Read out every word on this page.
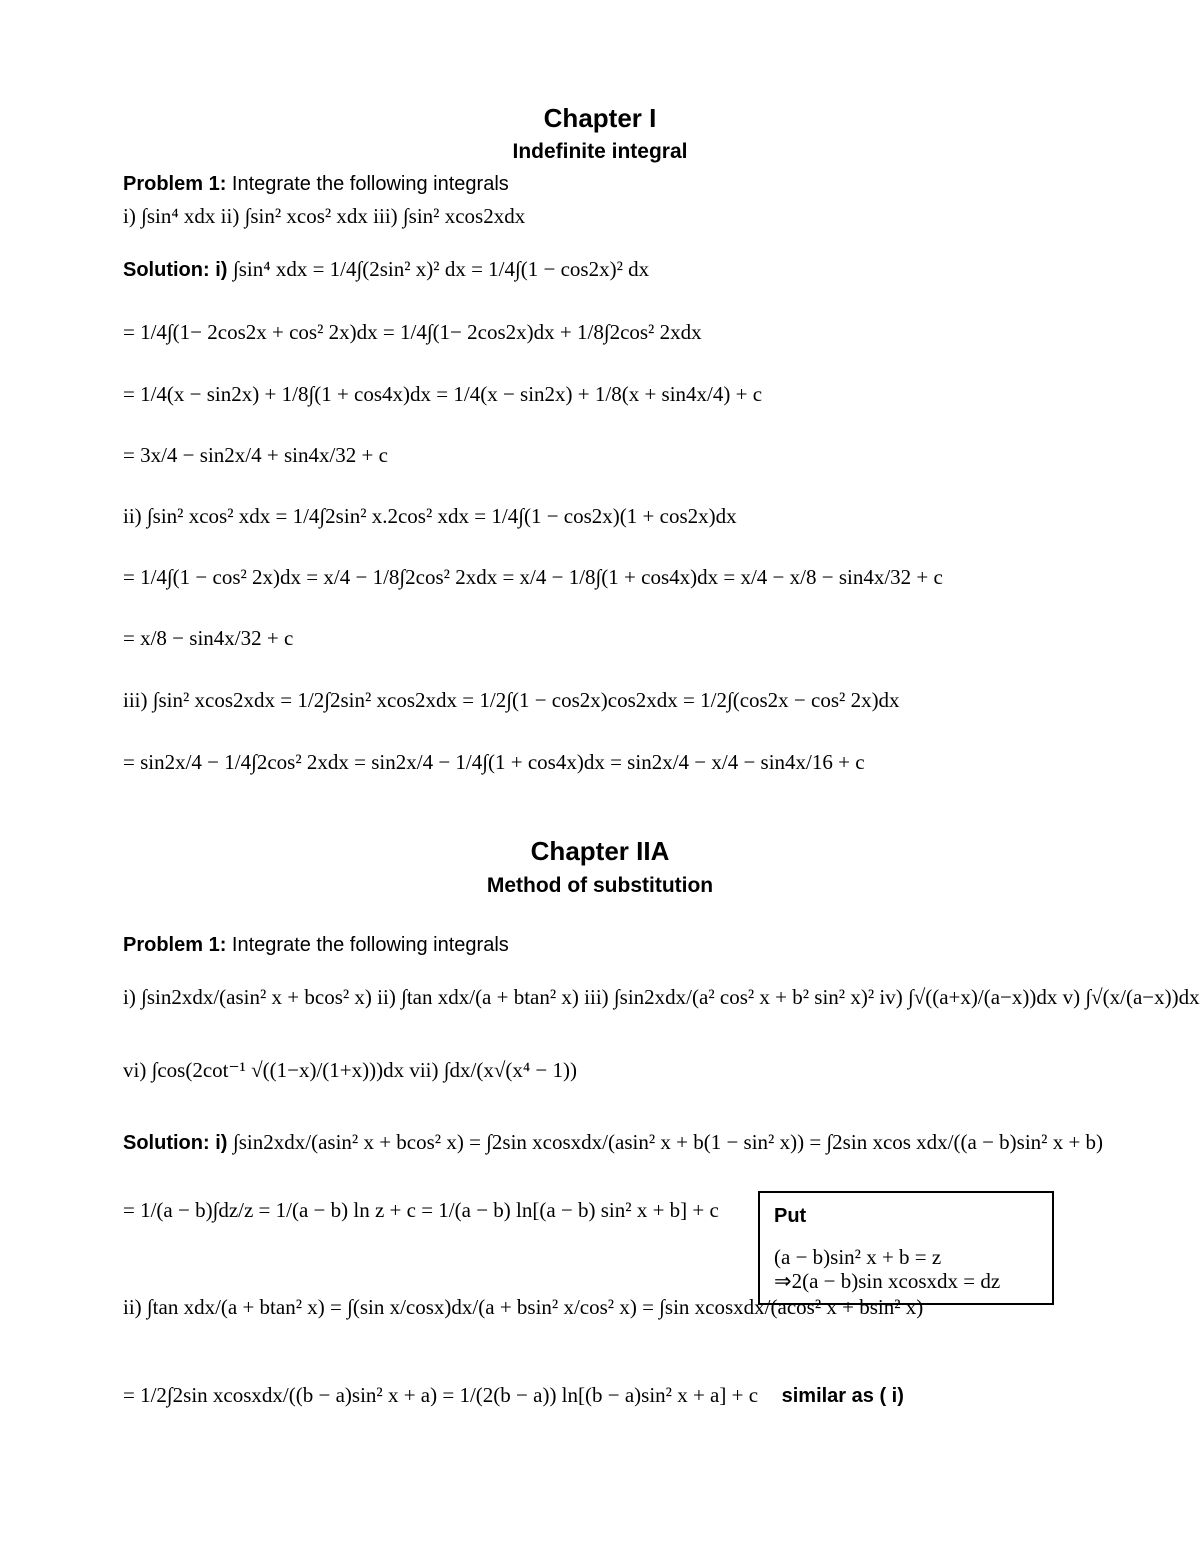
Chapter I
Indefinite integral
Problem 1: Integrate the following integrals
i) ∫sin⁴ xdx ii) ∫sin² xcos² xdx iii) ∫sin² xcos2xdx
Solution: i) ∫sin⁴ xdx = 1/4∫(2sin² x)² dx = 1/4∫(1 − cos2x)² dx
= 1/4∫(1− 2cos2x + cos² 2x)dx = 1/4∫(1− 2cos2x)dx + 1/8∫2cos² 2xdx
= 1/4(x − sin2x) + 1/8∫(1 + cos4x)dx = 1/4(x − sin2x) + 1/8(x + sin4x/4) + c
= 3x/4 − sin2x/4 + sin4x/32 + c
ii) ∫sin² xcos² xdx = 1/4∫2sin² x.2cos² xdx = 1/4∫(1 − cos2x)(1 + cos2x)dx
= 1/4∫(1 − cos² 2x)dx = x/4 − 1/8∫2cos² 2xdx = x/4 − 1/8∫(1 + cos4x)dx = x/4 − x/8 − sin4x/32 + c
= x/8 − sin4x/32 + c
iii) ∫sin² xcos2xdx = 1/2∫2sin² xcos2xdx = 1/2∫(1 − cos2x)cos2xdx = 1/2∫(cos2x − cos² 2x)dx
= sin2x/4 − 1/4∫2cos² 2xdx = sin2x/4 − 1/4∫(1 + cos4x)dx = sin2x/4 − x/4 − sin4x/16 + c
Chapter IIA
Method of substitution
Problem 1: Integrate the following integrals
i) ∫sin2xdx/(asin² x + bcos² x) ii) ∫tan xdx/(a + btan² x) iii) ∫sin2xdx/(a² cos² x + b² sin² x)² iv) ∫√((a+x)/(a−x))dx v) ∫√(x/(a−x))dx
vi) ∫cos(2cot⁻¹ √((1−x)/(1+x)))dx vii) ∫dx/(x√(x⁴ − 1))
Solution: i) ∫sin2xdx/(asin² x + bcos² x) = ∫2sin xcosxdx/(asin² x + b(1 − sin² x)) = ∫2sin xcos xdx/((a − b)sin² x + b)
= 1/(a − b)∫dz/z = 1/(a − b) ln z + c = 1/(a − b) ln[(a − b) sin² x + b] + c
ii) ∫tan xdx/(a + btan² x) = ∫(sin x/cosx)dx/(a + bsin² x/cos² x) = ∫sin xcosxdx/(acos² x + bsin² x)
= 1/2∫2sin xcosxdx/((b − a)sin² x + a) = 1/(2(b − a)) ln[(b − a)sin² x + a] + c similar as ( i)
Put
(a − b)sin² x + b = z
⇒2(a − b)sin xcosxdx = dz
